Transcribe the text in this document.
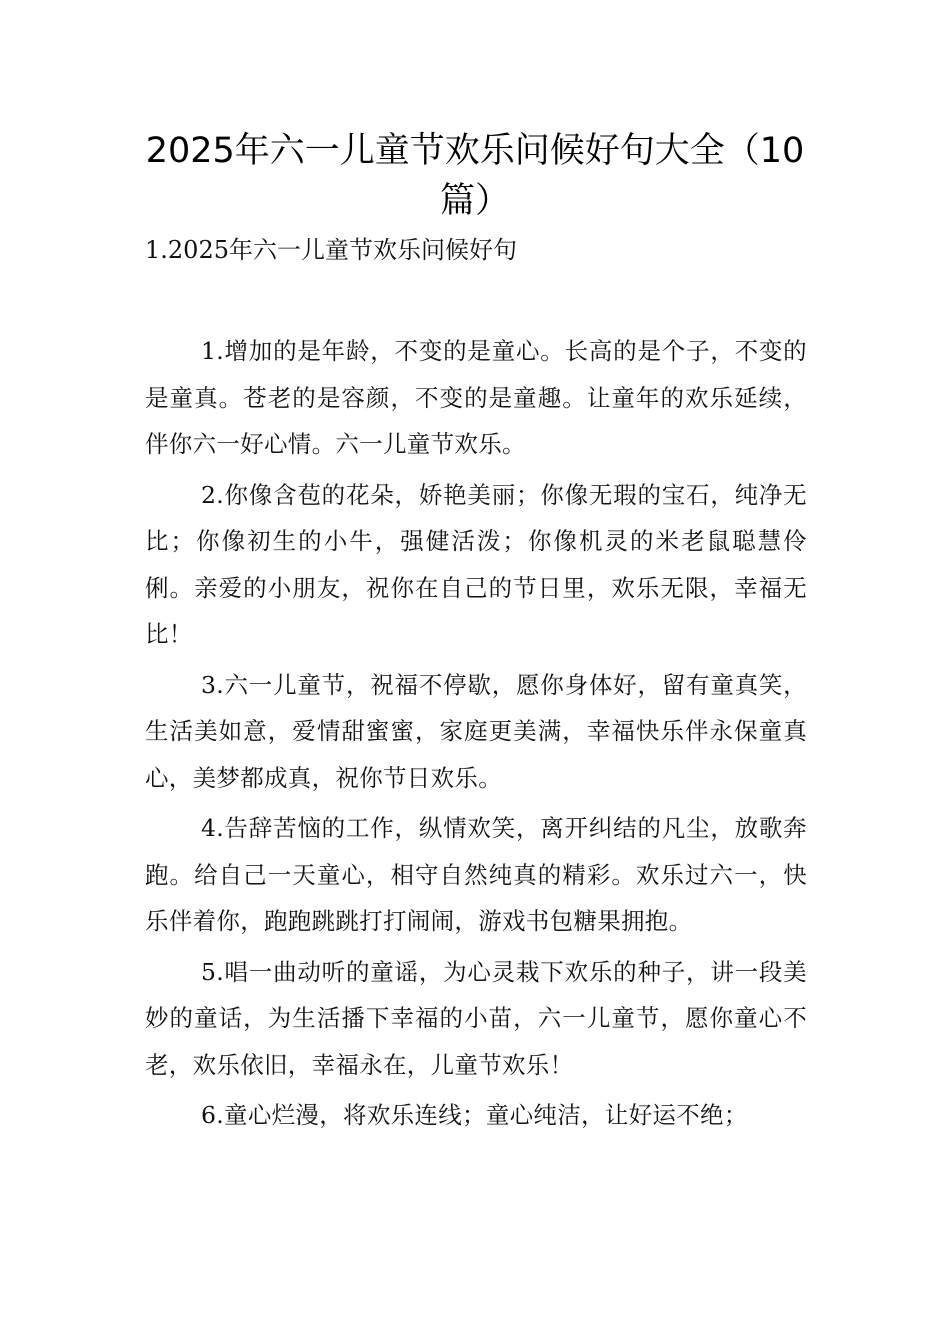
2025年六一儿童节欢乐问候好句大全（10篇）

1.2025年六一儿童节欢乐问候好句

1.增加的是年龄，不变的是童心。长高的是个子，不变的是童真。苍老的是容颜，不变的是童趣。让童年的欢乐延续，伴你六一好心情。六一儿童节欢乐。

2.你像含苞的花朵，娇艳美丽；你像无瑕的宝石，纯净无比；你像初生的小牛，强健活泼；你像机灵的米老鼠聪慧伶俐。亲爱的小朋友，祝你在自己的节日里，欢乐无限，幸福无比！

3.六一儿童节，祝福不停歇，愿你身体好，留有童真笑，生活美如意，爱情甜蜜蜜，家庭更美满，幸福快乐伴永保童真心，美梦都成真，祝你节日欢乐。

4.告辞苦恼的工作，纵情欢笑，离开纠结的凡尘，放歌奔跑。给自己一天童心，相守自然纯真的精彩。欢乐过六一，快乐伴着你，跑跑跳跳打打闹闹，游戏书包糖果拥抱。

5.唱一曲动听的童谣，为心灵栽下欢乐的种子，讲一段美妙的童话，为生活播下幸福的小苗，六一儿童节，愿你童心不老，欢乐依旧，幸福永在，儿童节欢乐！

6.童心烂漫，将欢乐连线；童心纯洁，让好运不绝；
